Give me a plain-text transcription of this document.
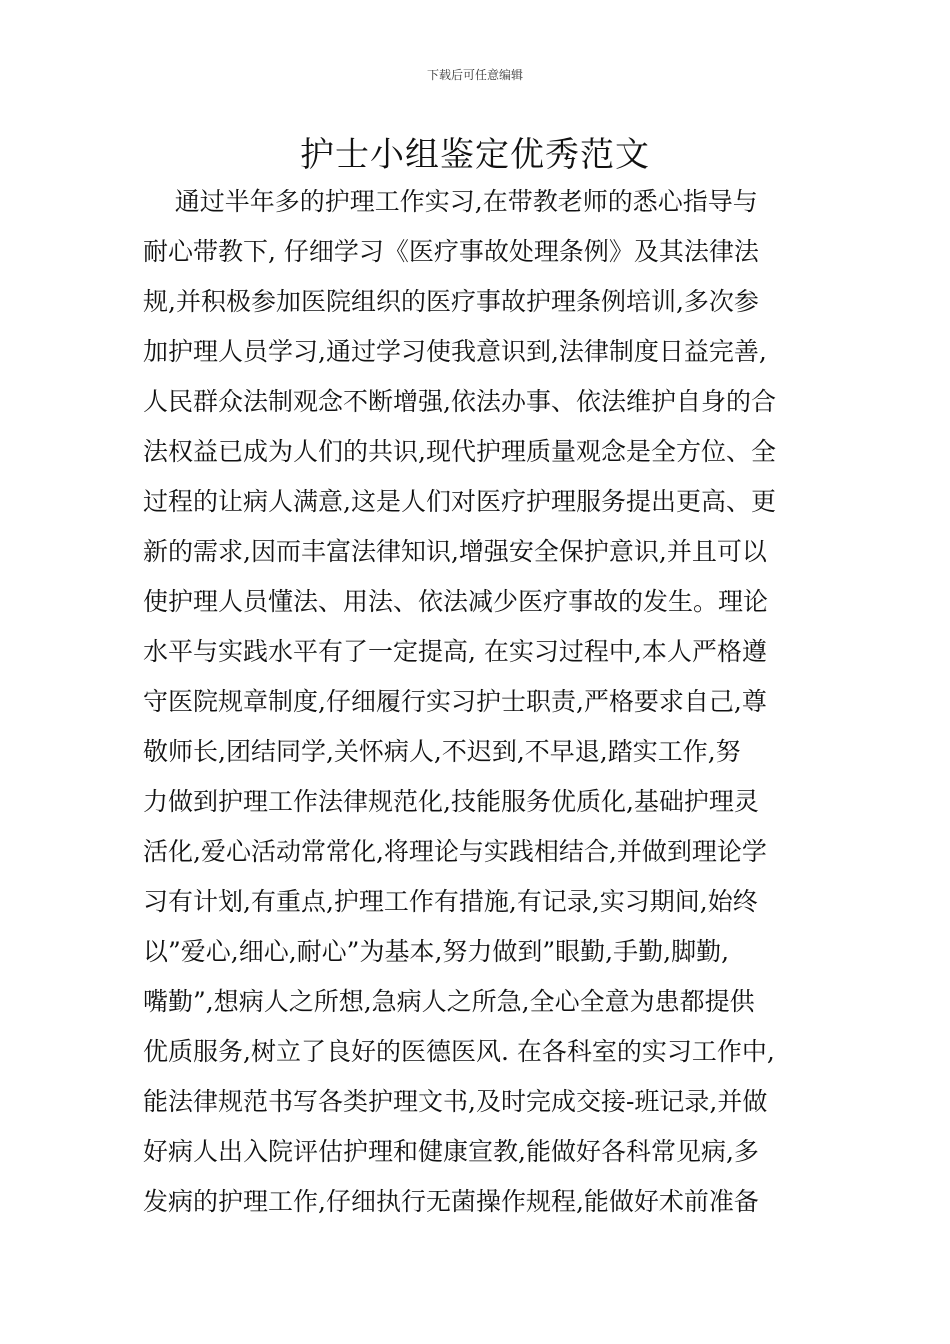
下载后可任意编辑
护士小组鉴定优秀范文
通过半年多的护理工作实习,在带教老师的悉心指导与
耐心带教下, 仔细学习《医疗事故处理条例》及其法律法
规,并积极参加医院组织的医疗事故护理条例培训,多次参
加护理人员学习,通过学习使我意识到,法律制度日益完善,
人民群众法制观念不断增强,依法办事、依法维护自身的合
法权益已成为人们的共识,现代护理质量观念是全方位、全
过程的让病人满意,这是人们对医疗护理服务提出更高、更
新的需求,因而丰富法律知识,增强安全保护意识,并且可以
使护理人员懂法、用法、依法减少医疗事故的发生。理论
水平与实践水平有了一定提高, 在实习过程中,本人严格遵
守医院规章制度,仔细履行实习护士职责,严格要求自己,尊
敬师长,团结同学,关怀病人,不迟到,不早退,踏实工作,努
力做到护理工作法律规范化,技能服务优质化,基础护理灵
活化,爱心活动常常化,将理论与实践相结合,并做到理论学
习有计划,有重点,护理工作有措施,有记录,实习期间,始终
以”爱心,细心,耐心”为基本,努力做到”眼勤,手勤,脚勤,
嘴勤”,想病人之所想,急病人之所急,全心全意为患都提供
优质服务,树立了良好的医德医风. 在各科室的实习工作中,
能法律规范书写各类护理文书,及时完成交接-班记录,并做
好病人出入院评估护理和健康宣教,能做好各科常见病,多
发病的护理工作,仔细执行无菌操作规程,能做好术前准备
